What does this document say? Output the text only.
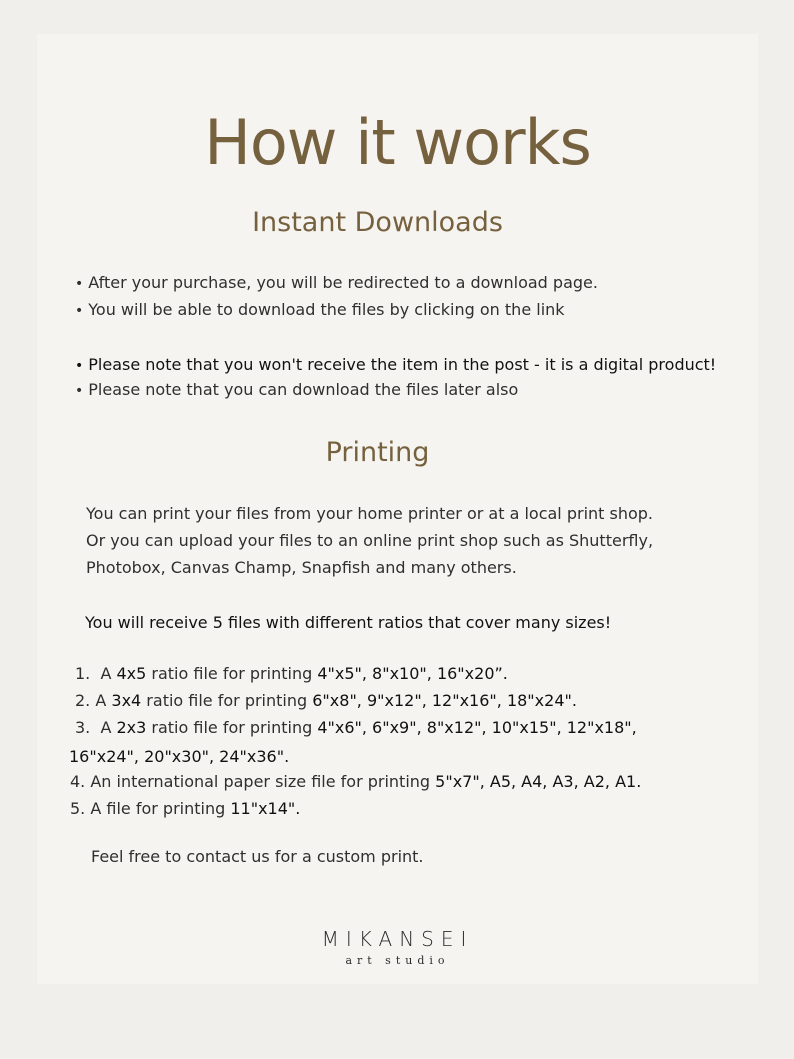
How it works
Instant Downloads
• After your purchase, you will be redirected to a download page.
• You will be able to download the files by clicking on the link
• Please note that you won't receive the item in the post - it is a digital product!
• Please note that you can download the files later also
Printing
You can print your files from your home printer or at a local print shop.
Or you can upload your files to an online print shop such as Shutterfly,
Photobox, Canvas Champ, Snapfish and many others.
You will receive 5 files with different ratios that cover many sizes!
1. A 4x5 ratio file for printing 4"x5", 8"x10", 16"x20”.
2. A 3x4 ratio file for printing 6"x8", 9"x12", 12"x16", 18"x24".
3. A 2x3 ratio file for printing 4"x6", 6"x9", 8"x12", 10"x15", 12"x18",
16"x24", 20"x30", 24"x36".
4. An international paper size file for printing 5"x7", A5, A4, A3, A2, A1.
5. A file for printing 11"x14".
Feel free to contact us for a custom print.
MIKANSEI
art studio
